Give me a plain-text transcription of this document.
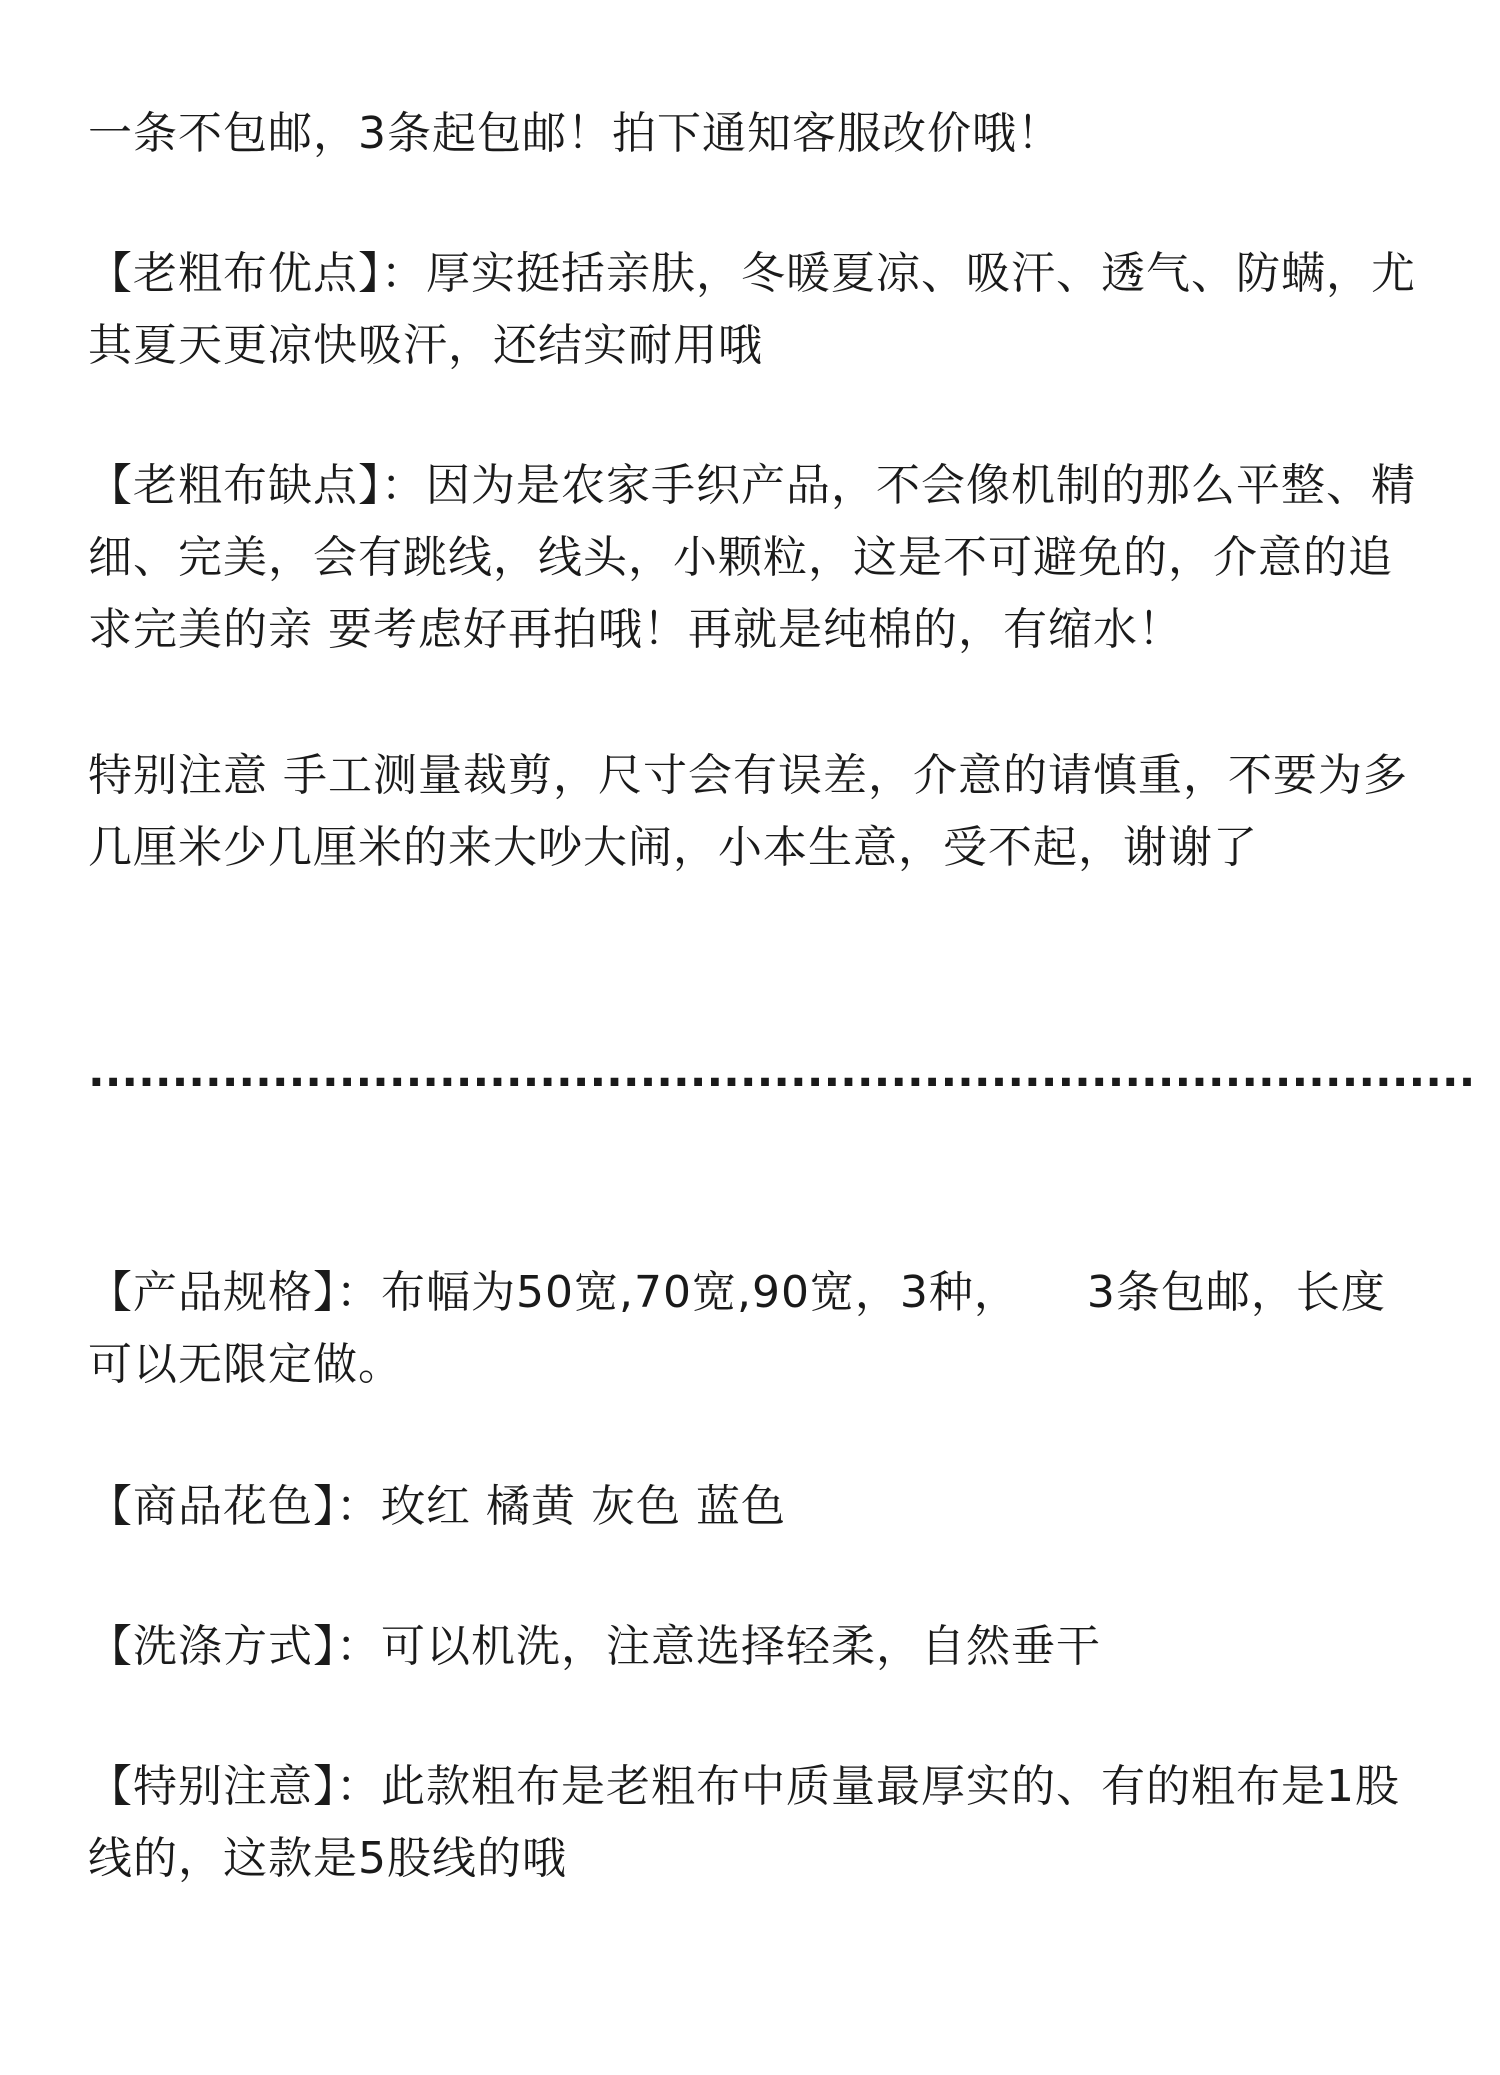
一条不包邮，3条起包邮！拍下通知客服改价哦！

【老粗布优点】：厚实挺括亲肤，冬暖夏凉、吸汗、透气、防螨，尤其夏天更凉快吸汗，还结实耐用哦

【老粗布缺点】：因为是农家手织产品，不会像机制的那么平整、精细、完美，会有跳线，线头，小颗粒，这是不可避免的，介意的追求完美的亲 要考虑好再拍哦！再就是纯棉的，有缩水！

特别注意 手工测量裁剪，尺寸会有误差，介意的请慎重，不要为多几厘米少几厘米的来大吵大闹，小本生意，受不起，谢谢了

...................................................................................

【产品规格】：布幅为50宽,70宽,90宽，3种，　　3条包邮，长度可以无限定做。

【商品花色】：玫红 橘黄 灰色 蓝色

【洗涤方式】：可以机洗，注意选择轻柔，自然垂干

【特别注意】：此款粗布是老粗布中质量最厚实的、有的粗布是1股线的，这款是5股线的哦
